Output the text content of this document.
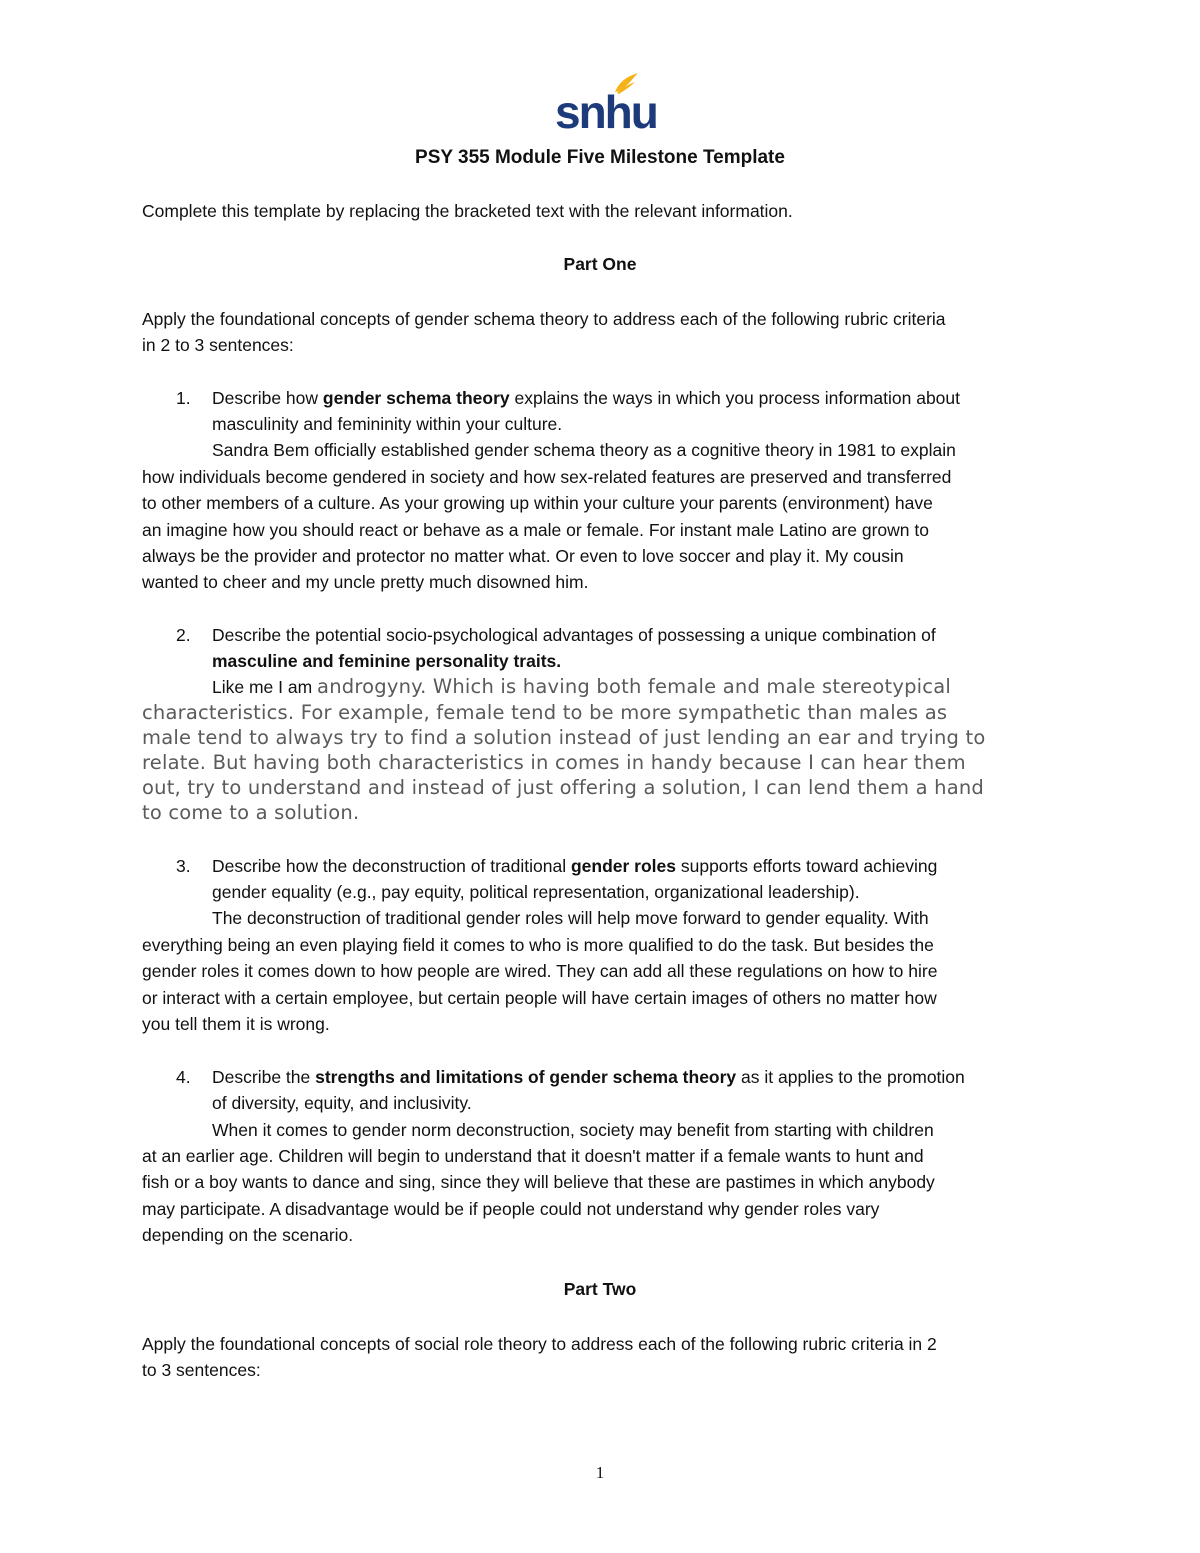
snhu
PSY 355 Module Five Milestone Template
Complete this template by replacing the bracketed text with the relevant information.
Part One
Apply the foundational concepts of gender schema theory to address each of the following rubric criteria
in 2 to 3 sentences:
1.	Describe how gender schema theory explains the ways in which you process information about
masculinity and femininity within your culture.
Sandra Bem officially established gender schema theory as a cognitive theory in 1981 to explain
how individuals become gendered in society and how sex-related features are preserved and transferred
to other members of a culture. As your growing up within your culture your parents (environment) have
an imagine how you should react or behave as a male or female. For instant male Latino are grown to
always be the provider and protector no matter what. Or even to love soccer and play it. My cousin
wanted to cheer and my uncle pretty much disowned him.
2.	Describe the potential socio-psychological advantages of possessing a unique combination of
masculine and feminine personality traits.
Like me I am androgyny. Which is having both female and male stereotypical
characteristics. For example, female tend to be more sympathetic than males as
male tend to always try to find a solution instead of just lending an ear and trying to
relate. But having both characteristics in comes in handy because I can hear them
out, try to understand and instead of just offering a solution, I can lend them a hand
to come to a solution.
3.	Describe how the deconstruction of traditional gender roles supports efforts toward achieving
gender equality (e.g., pay equity, political representation, organizational leadership).
The deconstruction of traditional gender roles will help move forward to gender equality. With
everything being an even playing field it comes to who is more qualified to do the task. But besides the
gender roles it comes down to how people are wired. They can add all these regulations on how to hire
or interact with a certain employee, but certain people will have certain images of others no matter how
you tell them it is wrong.
4.	Describe the strengths and limitations of gender schema theory as it applies to the promotion
of diversity, equity, and inclusivity.
When it comes to gender norm deconstruction, society may benefit from starting with children
at an earlier age. Children will begin to understand that it doesn't matter if a female wants to hunt and
fish or a boy wants to dance and sing, since they will believe that these are pastimes in which anybody
may participate. A disadvantage would be if people could not understand why gender roles vary
depending on the scenario.
Part Two
Apply the foundational concepts of social role theory to address each of the following rubric criteria in 2
to 3 sentences:
1
